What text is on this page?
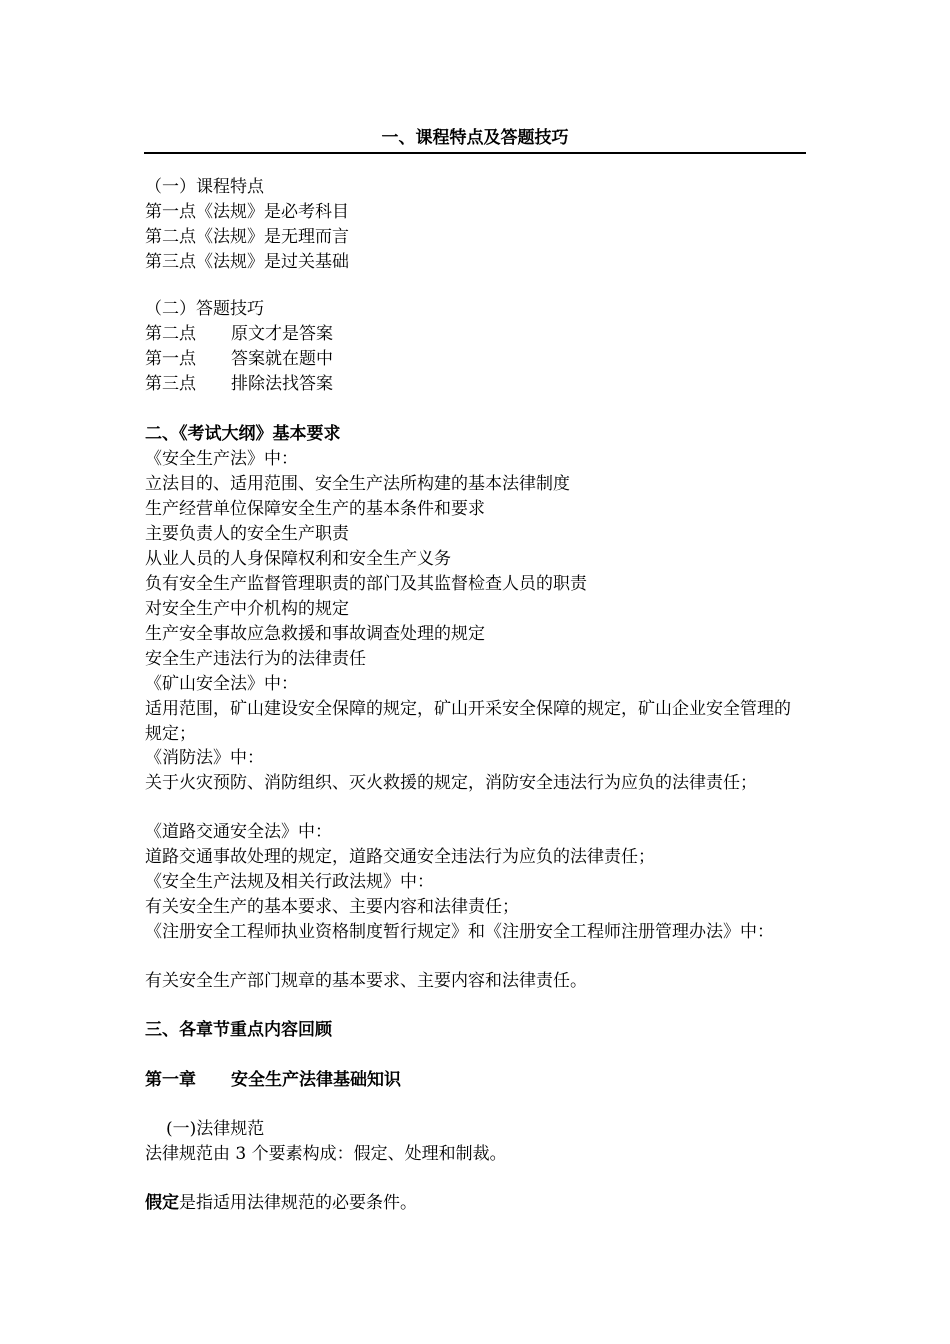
一、课程特点及答题技巧
（一）课程特点
第一点《法规》是必考科目
第二点《法规》是无理而言
第三点《法规》是过关基础
（二）答题技巧
第二点 原文才是答案
第一点 答案就在题中
第三点 排除法找答案
二、《考试大纲》基本要求
《安全生产法》中：
立法目的、适用范围、安全生产法所构建的基本法律制度
生产经营单位保障安全生产的基本条件和要求
主要负责人的安全生产职责
从业人员的人身保障权利和安全生产义务
负有安全生产监督管理职责的部门及其监督检查人员的职责
对安全生产中介机构的规定
生产安全事故应急救援和事故调查处理的规定
安全生产违法行为的法律责任
《矿山安全法》中：
适用范围，矿山建设安全保障的规定，矿山开采安全保障的规定，矿山企业安全管理的规定；
《消防法》中：
关于火灾预防、消防组织、灭火救援的规定，消防安全违法行为应负的法律责任；
《道路交通安全法》中：
道路交通事故处理的规定，道路交通安全违法行为应负的法律责任；
《安全生产法规及相关行政法规》中：
有关安全生产的基本要求、主要内容和法律责任；
《注册安全工程师执业资格制度暂行规定》和《注册安全工程师注册管理办法》中：
有关安全生产部门规章的基本要求、主要内容和法律责任。
三、各章节重点内容回顾
第一章 安全生产法律基础知识
(一)法律规范
法律规范由 3 个要素构成：假定、处理和制裁。
假定是指适用法律规范的必要条件。
